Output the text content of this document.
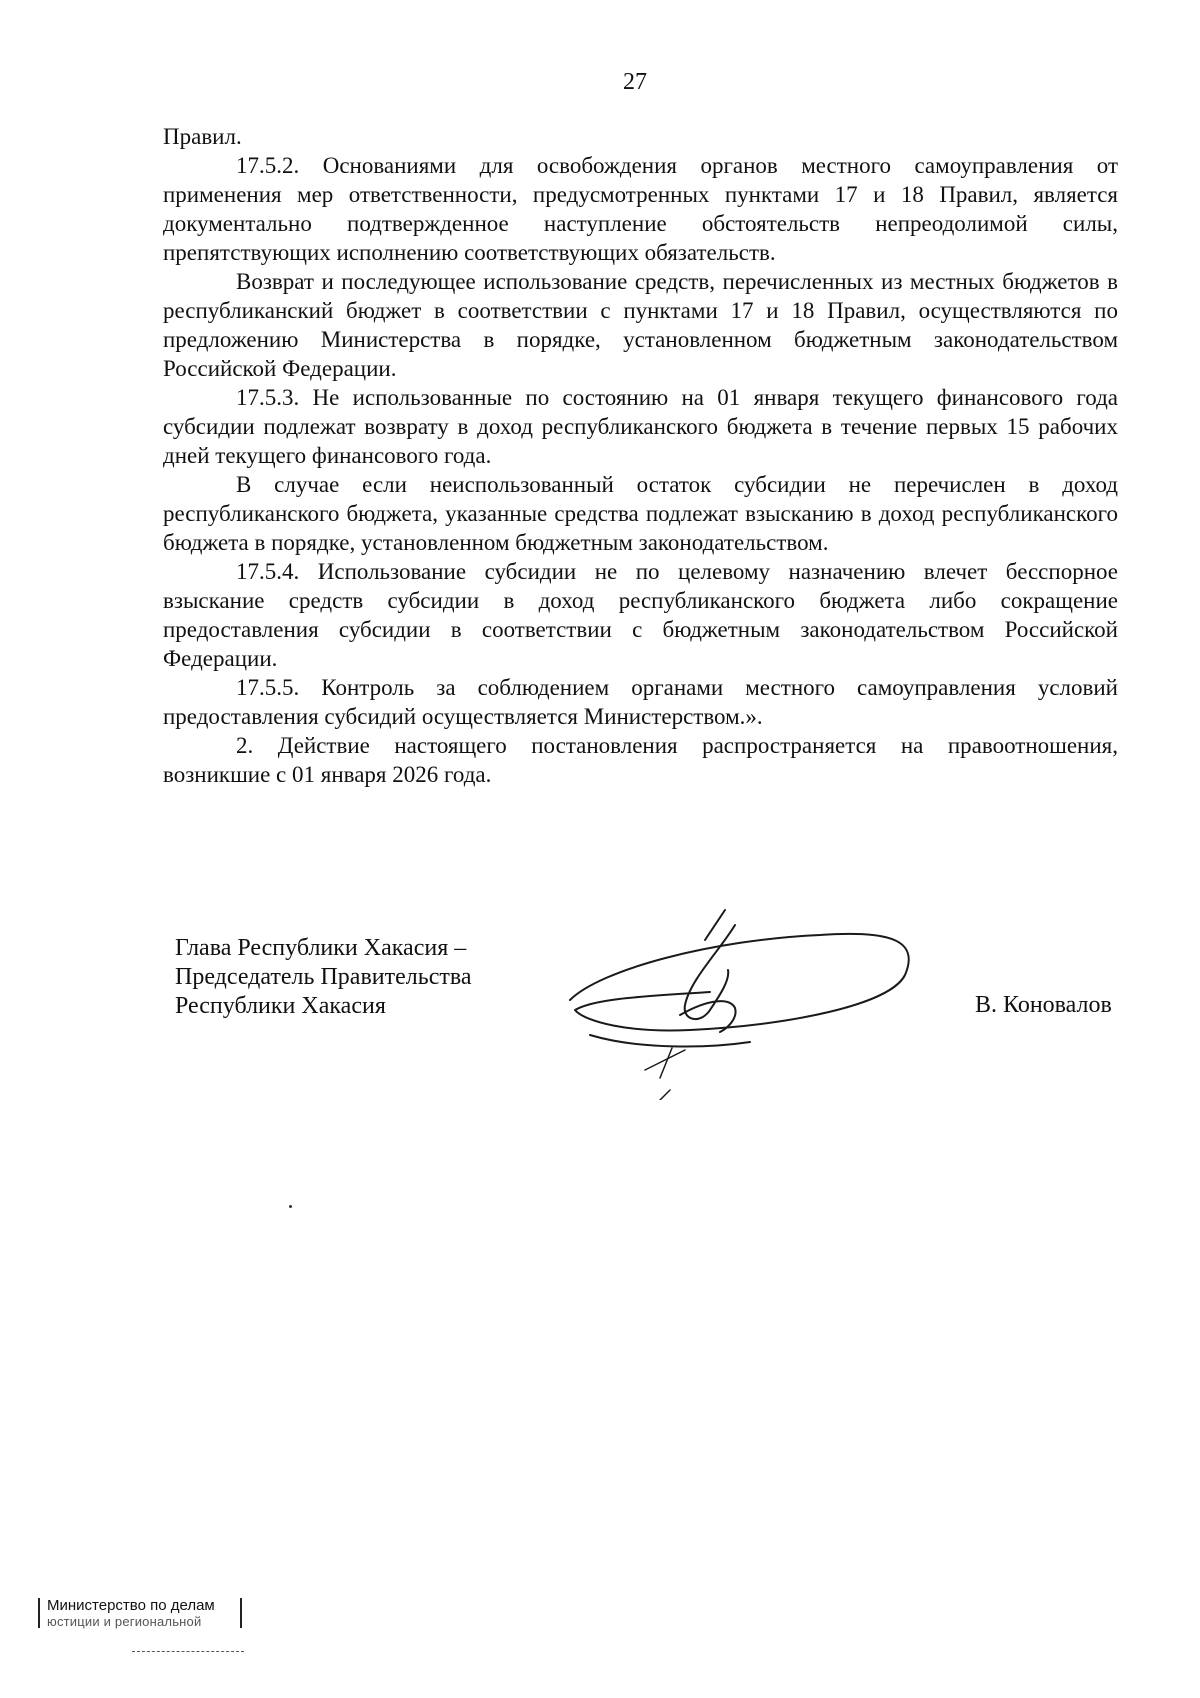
27

Правил.

17.5.2. Основаниями для освобождения органов местного самоуправления от применения мер ответственности, предусмотренных пунктами 17 и 18 Правил, является документально подтвержденное наступление обстоятельств непреодолимой силы, препятствующих исполнению соответствующих обязательств.

Возврат и последующее использование средств, перечисленных из местных бюджетов в республиканский бюджет в соответствии с пунктами 17 и 18 Правил, осуществляются по предложению Министерства в порядке, установленном бюджетным законодательством Российской Федерации.

17.5.3. Не использованные по состоянию на 01 января текущего финансового года субсидии подлежат возврату в доход республиканского бюджета в течение первых 15 рабочих дней текущего финансового года.

В случае если неиспользованный остаток субсидии не перечислен в доход республиканского бюджета, указанные средства подлежат взысканию в доход республиканского бюджета в порядке, установленном бюджетным законодательством.

17.5.4. Использование субсидии не по целевому назначению влечет бесспорное взыскание средств субсидии в доход республиканского бюджета либо сокращение предоставления субсидии в соответствии с бюджетным законодательством Российской Федерации.

17.5.5. Контроль за соблюдением органами местного самоуправления условий предоставления субсидий осуществляется Министерством.».

2. Действие настоящего постановления распространяется на правоотношения, возникшие с 01 января 2026 года.

Глава Республики Хакасия –
Председатель Правительства
Республики Хакасия	В. Коновалов
Министерство по делам
юстиции и региональной
